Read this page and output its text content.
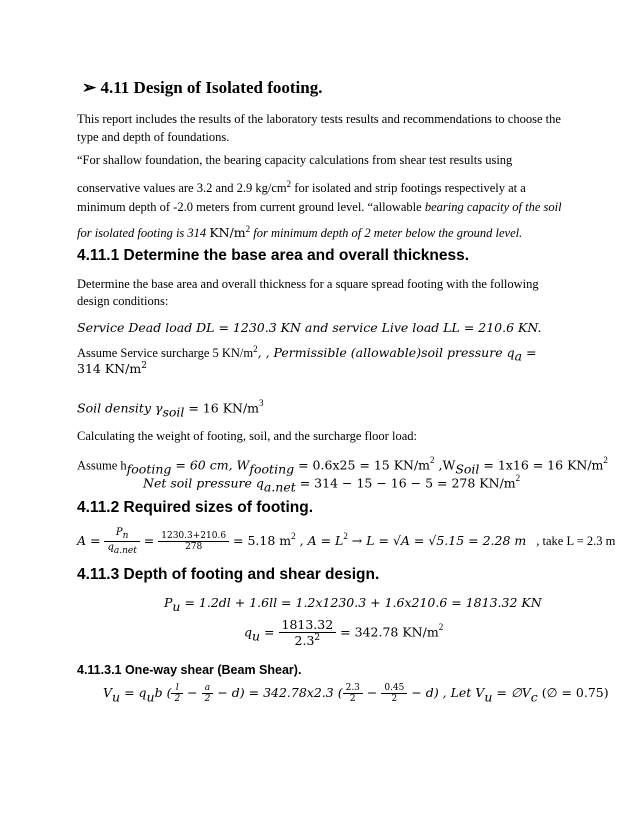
➢ 4.11 Design of Isolated footing.
This report includes the results of the laboratory tests results and recommendations to choose the
type and depth of foundations.
“For shallow foundation, the bearing capacity calculations from shear test results using
conservative values are 3.2 and 2.9 $kg/cm^2$ for isolated and strip footings respectively at a
minimum depth of -2.0 meters from current ground level. “allowable bearing capacity of the soil
for isolated footing is 314 $KN/m^2$ for minimum depth of 2 meter below the ground level.
4.11.1 Determine the base area and overall thickness.
Determine the base area and overall thickness for a square spread footing with the following
design conditions:
Service Dead load DL = 1230.3 KN and service Live load LL = 210.6 KN.
Assume Service surcharge 5 $KN/m^2$, , Permissible (allowable)soil pressure $q_a$ =
314 $KN/m^2$
Soil density $\gamma_{soil} = 16$ $KN/m^3$
Calculating the weight of footing, soil, and the surcharge floor load:
Assume $h_{footing} = 60$ cm, $W_{footing} = 0.6x25 = 15$ $KN/m^2$ $,W_{Soil} = 1x16 = 16$ $KN/m^2$
Net soil pressure $q_{a.net} = 314 - 15 - 16 - 5 = 278$ $KN/m^2$
4.11.2 Required sizes of footing.
$A = \frac{P_n}{q_{a.net}} = \frac{1230.3+210.6}{278} = 5.18$ $m^2$ , $A = L^2 \to L = √A = √5.15 = 2.28$ m , take L = 2.3 m
4.11.3 Depth of footing and shear design.
$P_u = 1.2dl + 1.6ll = 1.2x1230.3 + 1.6x210.6 = 1813.32$ KN
$q_u = \frac{1813.32}{2.3^2} = 342.78$ $KN/m^2$
4.11.3.1 One-way shear (Beam Shear).
$V_u = q_ub$ ( $\frac{l}{2} - \frac{a}{2} - d) = 342.78x2.3$ ( $\frac{2.3}{2} - \frac{0.45}{2} - d$) , Let $V_u$ = $\emptyset V_c$ (∅ = 0.75)
